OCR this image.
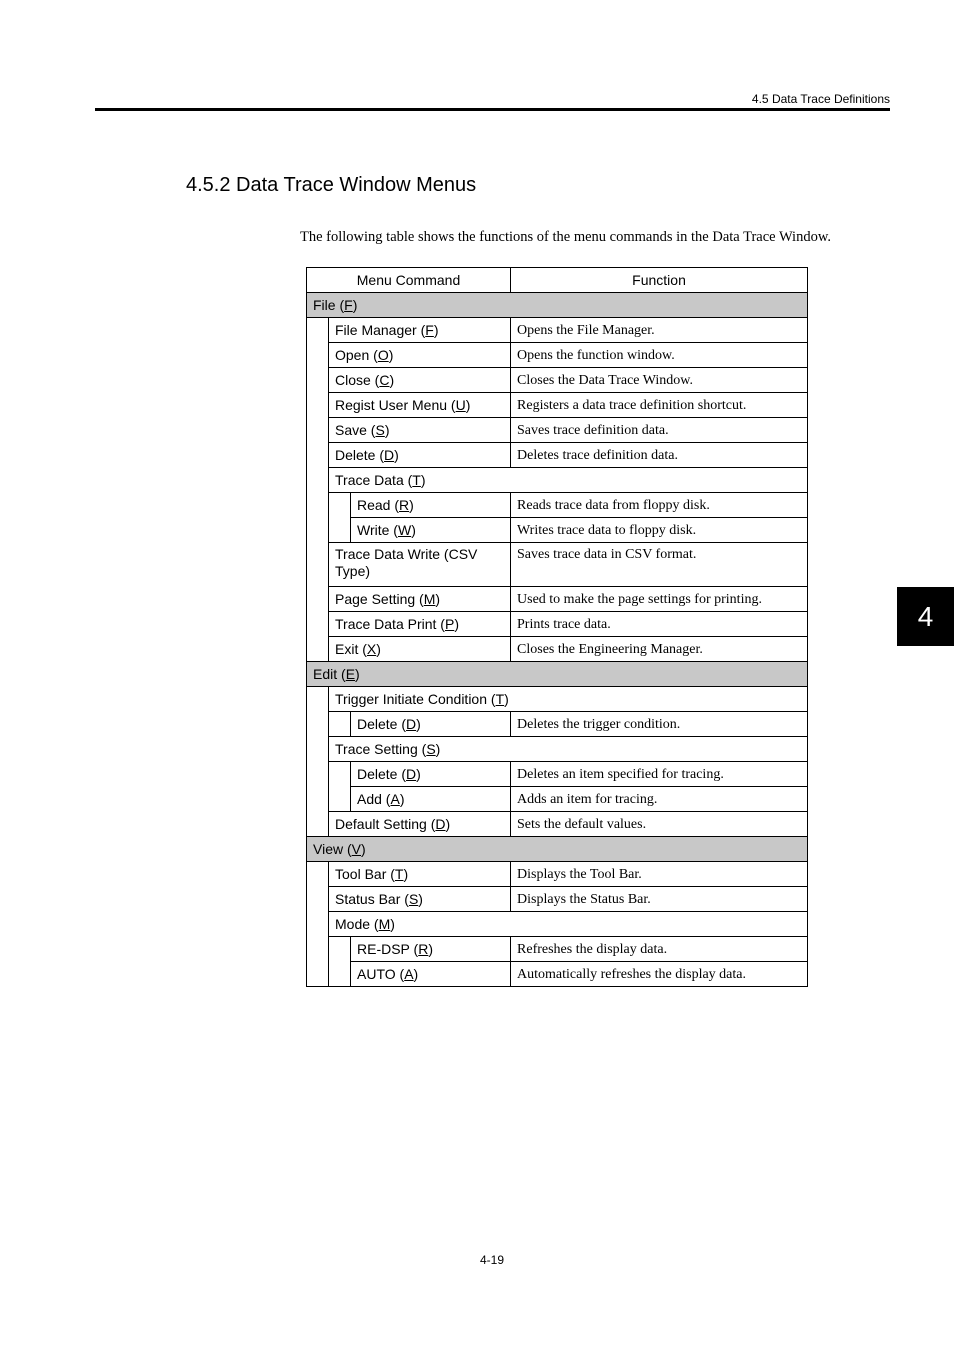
4.5 Data Trace Definitions
4.5.2 Data Trace Window Menus
The following table shows the functions of the menu commands in the Data Trace Window.
4
Menu Command			Function
File (F)			
	File Manager (F)		Opens the File Manager.
	Open (O)		Opens the function window.
	Close (C)		Closes the Data Trace Window.
	Regist User Menu (U)		Registers a data trace definition shortcut.
	Save (S)		Saves trace definition data.
	Delete (D)		Deletes trace definition data.
	Trace Data (T)		
		Read (R)	Reads trace data from floppy disk.
		Write (W)	Writes trace data to floppy disk.
	Trace Data Write (CSV
Type)		Saves trace data in CSV format.
	Page Setting (M)		Used to make the page settings for printing.
	Trace Data Print (P)		Prints trace data.
	Exit (X)		Closes the Engineering Manager.
Edit (E)			
	Trigger Initiate Condition (T)		
		Delete (D)	Deletes the trigger condition.
	Trace Setting (S)		
		Delete (D)	Deletes an item specified for tracing.
		Add (A)	Adds an item for tracing.
	Default Setting (D)		Sets the default values.
View (V)			
	Tool Bar (T)		Displays the Tool Bar.
	Status Bar (S)		Displays the Status Bar.
	Mode (M)		
		RE-DSP (R)	Refreshes the display data.
		AUTO (A)	Automatically refreshes the display data.
4-19
